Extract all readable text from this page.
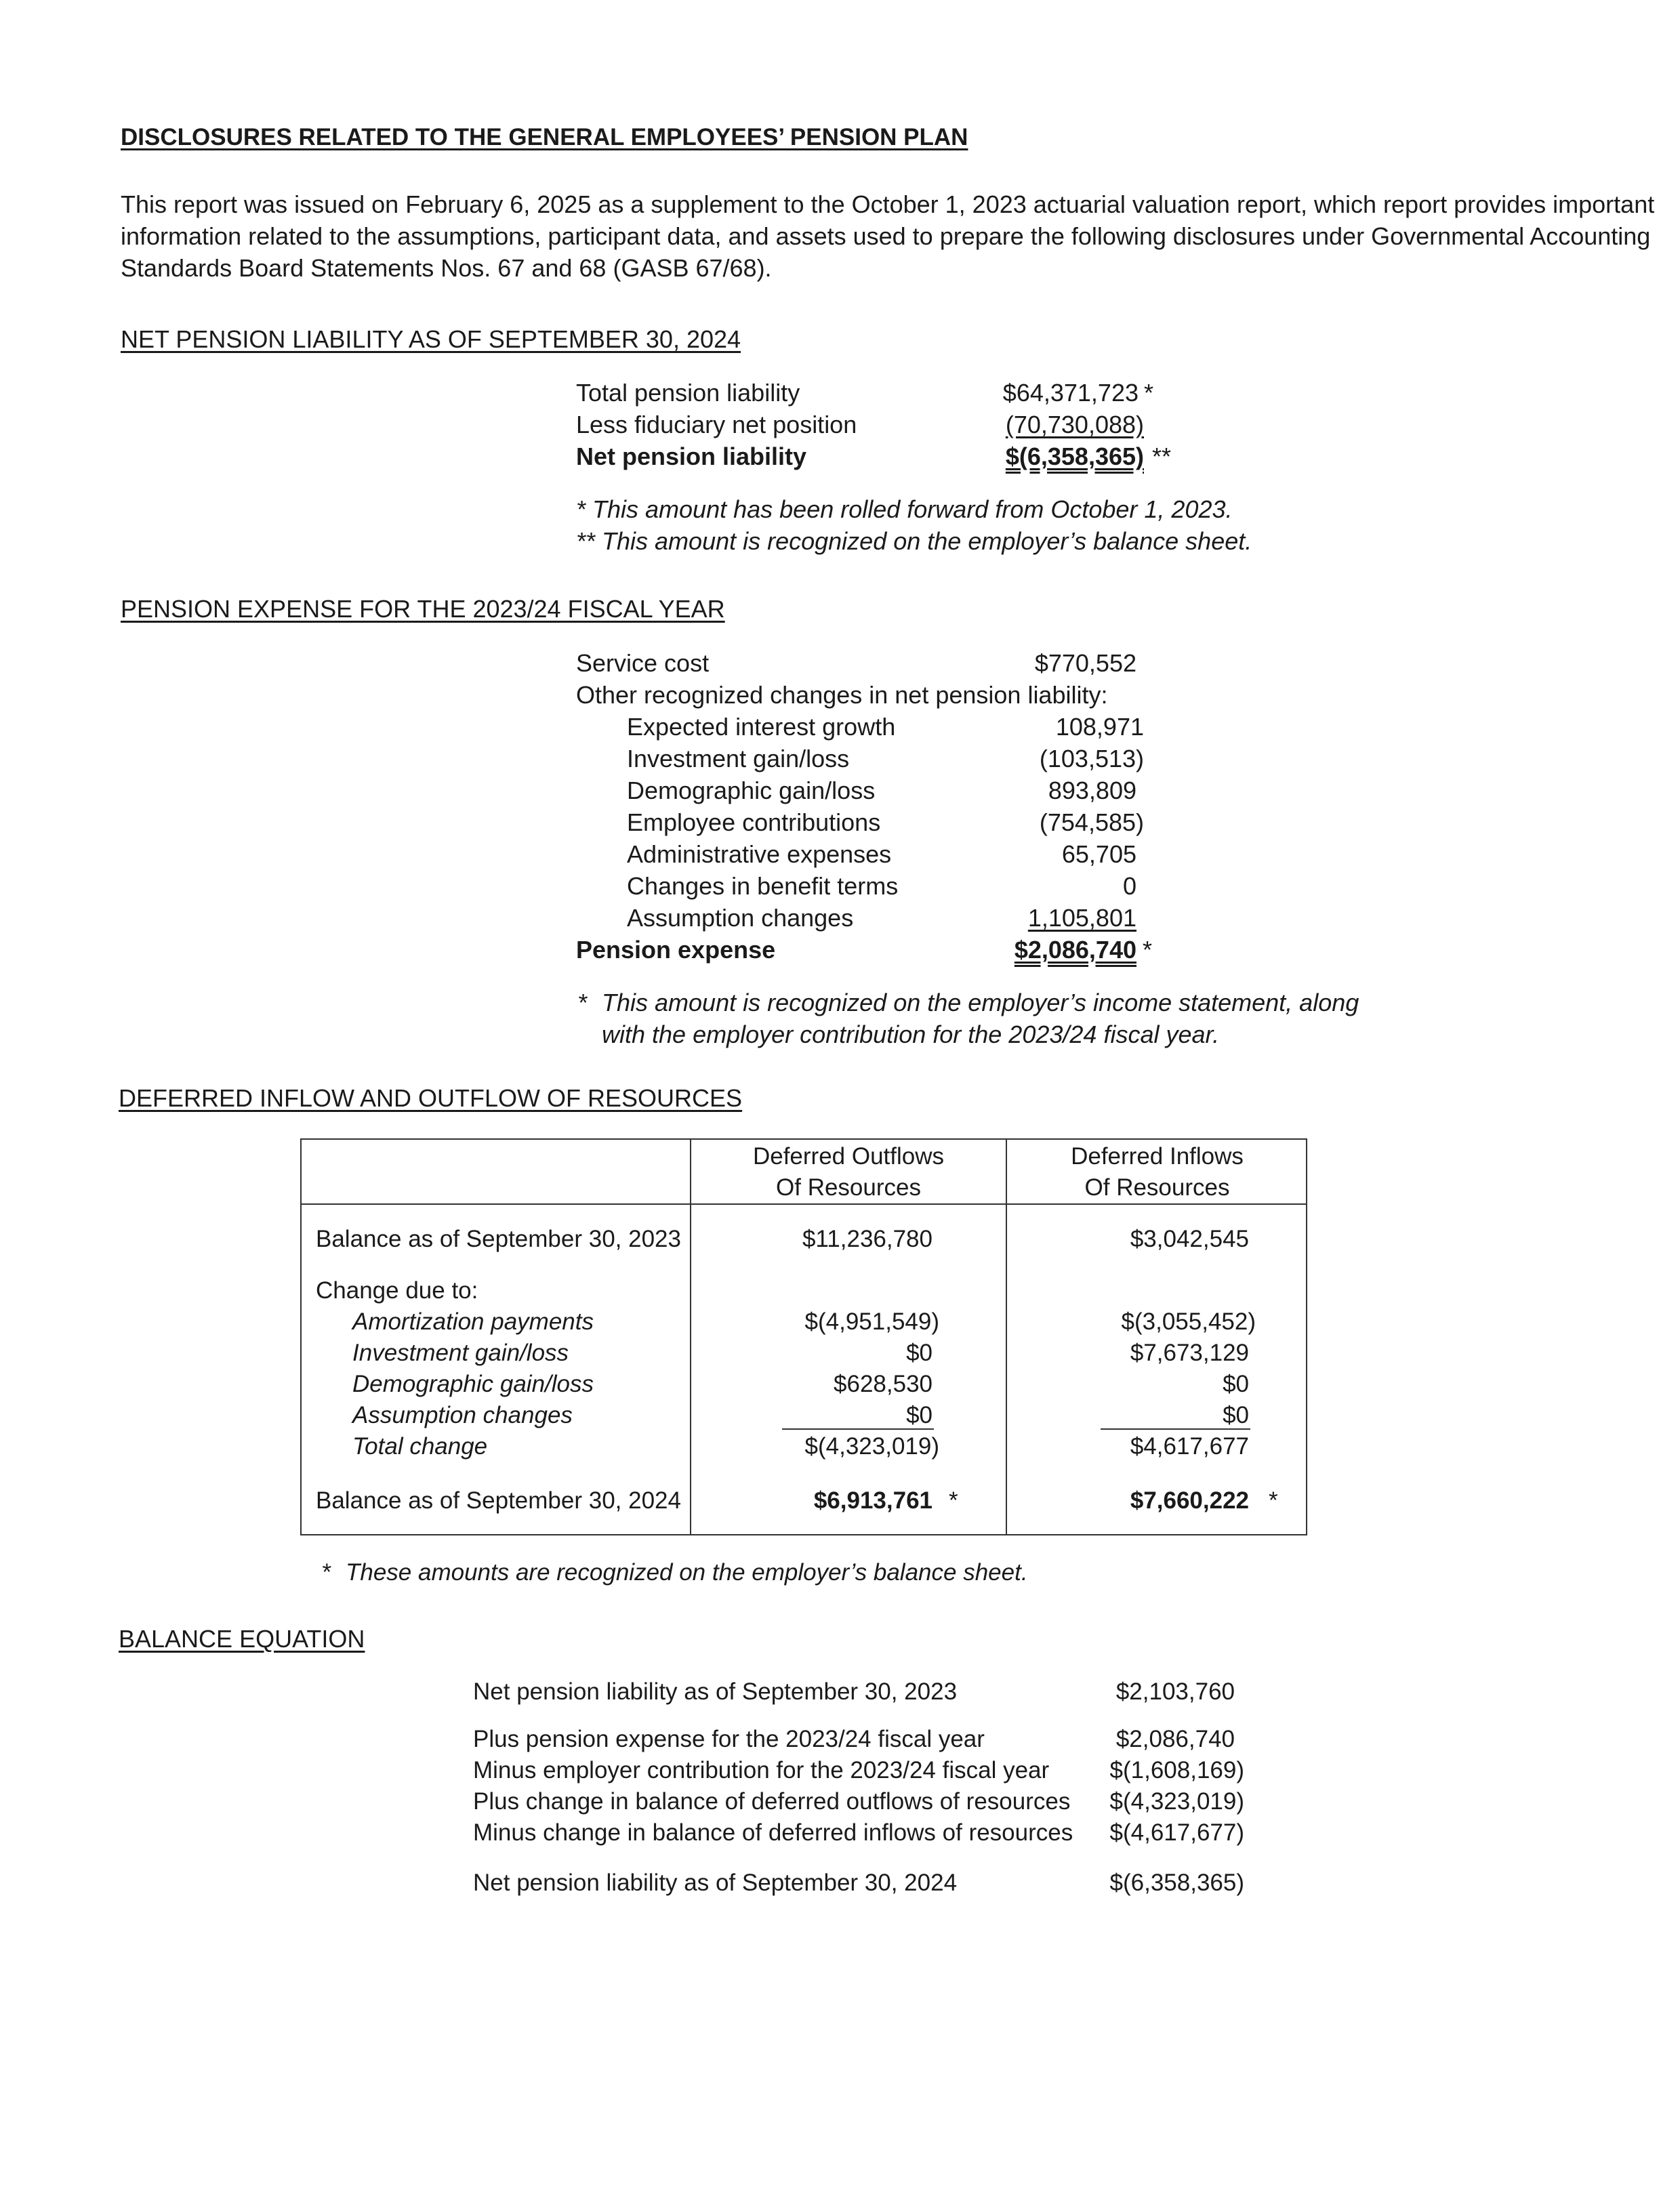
DISCLOSURES RELATED TO THE GENERAL EMPLOYEES’ PENSION PLAN
This report was issued on February 6, 2025 as a supplement to the October 1, 2023 actuarial valuation report, which report provides important
information related to the assumptions, participant data, and assets used to prepare the following disclosures under Governmental Accounting
Standards Board Statements Nos. 67 and 68 (GASB 67/68).
NET PENSION LIABILITY AS OF SEPTEMBER 30, 2024
Total pension liability	$64,371,723 *
Less fiduciary net position	(70,730,088)
Net pension liability	$(6,358,365) **
* This amount has been rolled forward from October 1, 2023.
** This amount is recognized on the employer’s balance sheet.
PENSION EXPENSE FOR THE 2023/24 FISCAL YEAR
Service cost	$770,552
Other recognized changes in net pension liability:
Expected interest growth	108,971
Investment gain/loss	(103,513)
Demographic gain/loss	893,809
Employee contributions	(754,585)
Administrative expenses	65,705
Changes in benefit terms	0
Assumption changes	1,105,801
Pension expense	$2,086,740 *
* This amount is recognized on the employer’s income statement, along
with the employer contribution for the 2023/24 fiscal year.
DEFERRED INFLOW AND OUTFLOW OF RESOURCES
Deferred Outflows
Of Resources
Deferred Inflows
Of Resources
Balance as of September 30, 2023	$11,236,780	$3,042,545
Change due to:
Amortization payments	$(4,951,549)	$(3,055,452)
Investment gain/loss	$0	$7,673,129
Demographic gain/loss	$628,530	$0
Assumption changes	$0	$0
Total change	$(4,323,019)	$4,617,677
Balance as of September 30, 2024	$6,913,761 *	$7,660,222 *
* These amounts are recognized on the employer’s balance sheet.
BALANCE EQUATION
Net pension liability as of September 30, 2023	$2,103,760
Plus pension expense for the 2023/24 fiscal year	$2,086,740
Minus employer contribution for the 2023/24 fiscal year	$(1,608,169)
Plus change in balance of deferred outflows of resources	$(4,323,019)
Minus change in balance of deferred inflows of resources	$(4,617,677)
Net pension liability as of September 30, 2024	$(6,358,365)
